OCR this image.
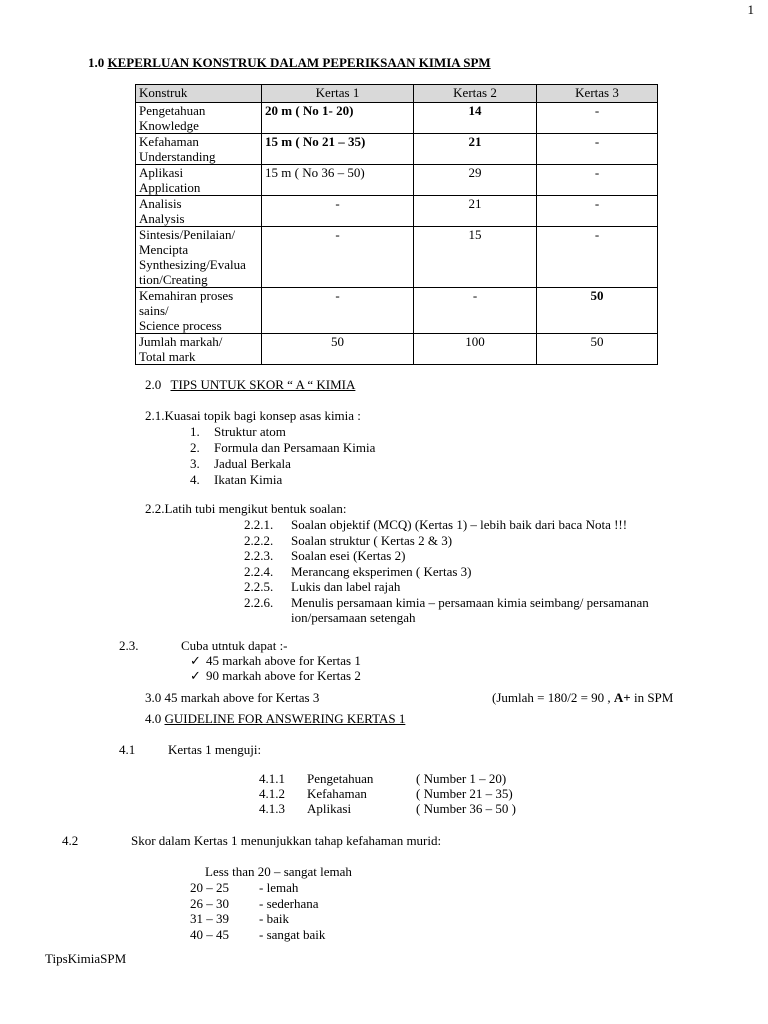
1
1.0 KEPERLUAN KONSTRUK DALAM PEPERIKSAAN KIMIA SPM
Konstruk	Kertas 1	Kertas 2	Kertas 3

Pengetahuan
Knowledge	20 m ( No 1- 20)	14	-

Kefahaman
Understanding	15 m ( No 21 – 35)	21	-

Aplikasi
Application	15 m ( No 36 – 50)	29	-

Analisis
Analysis	-	21	-

Sintesis/Penilaian/
Mencipta
Synthesizing/Evalua
tion/Creating	-	15	-

Kemahiran proses
sains/
Science process	-	-	50

Jumlah markah/
Total mark	50	100	50
2.0 TIPS UNTUK SKOR “ A “ KIMIA
2.1.Kuasai topik bagi konsep asas kimia :
1. Struktur atom
2. Formula dan Persamaan Kimia
3. Jadual Berkala
4. Ikatan Kimia
2.2.Latih tubi mengikut bentuk soalan:
2.2.1. Soalan objektif (MCQ) (Kertas 1) – lebih baik dari baca Nota !!!
2.2.2. Soalan struktur ( Kertas 2 & 3)
2.2.3. Soalan esei (Kertas 2)
2.2.4. Merancang eksperimen ( Kertas 3)
2.2.5. Lukis dan label rajah
2.2.6. Menulis persamaan kimia – persamaan kimia seimbang/ persamanan
ion/persamaan setengah
2.3.	Cuba utntuk dapat :-
✓ 45 markah above for Kertas 1
✓ 90 markah above for Kertas 2
3.0 45 markah above for Kertas 3	(Jumlah = 180/2 = 90 , A+ in SPM
4.0 GUIDELINE FOR ANSWERING KERTAS 1
4.1	Kertas 1 menguji:
4.1.1 Pengetahuan	( Number 1 – 20)
4.1.2 Kefahaman	( Number 21 – 35)
4.1.3 Aplikasi	( Number 36 – 50 )
4.2	Skor dalam Kertas 1 menunjukkan tahap kefahaman murid:
Less than 20 – sangat lemah
20 – 25 - lemah
26 – 30 - sederhana
31 – 39 - baik
40 – 45 - sangat baik
TipsKimiaSPM
